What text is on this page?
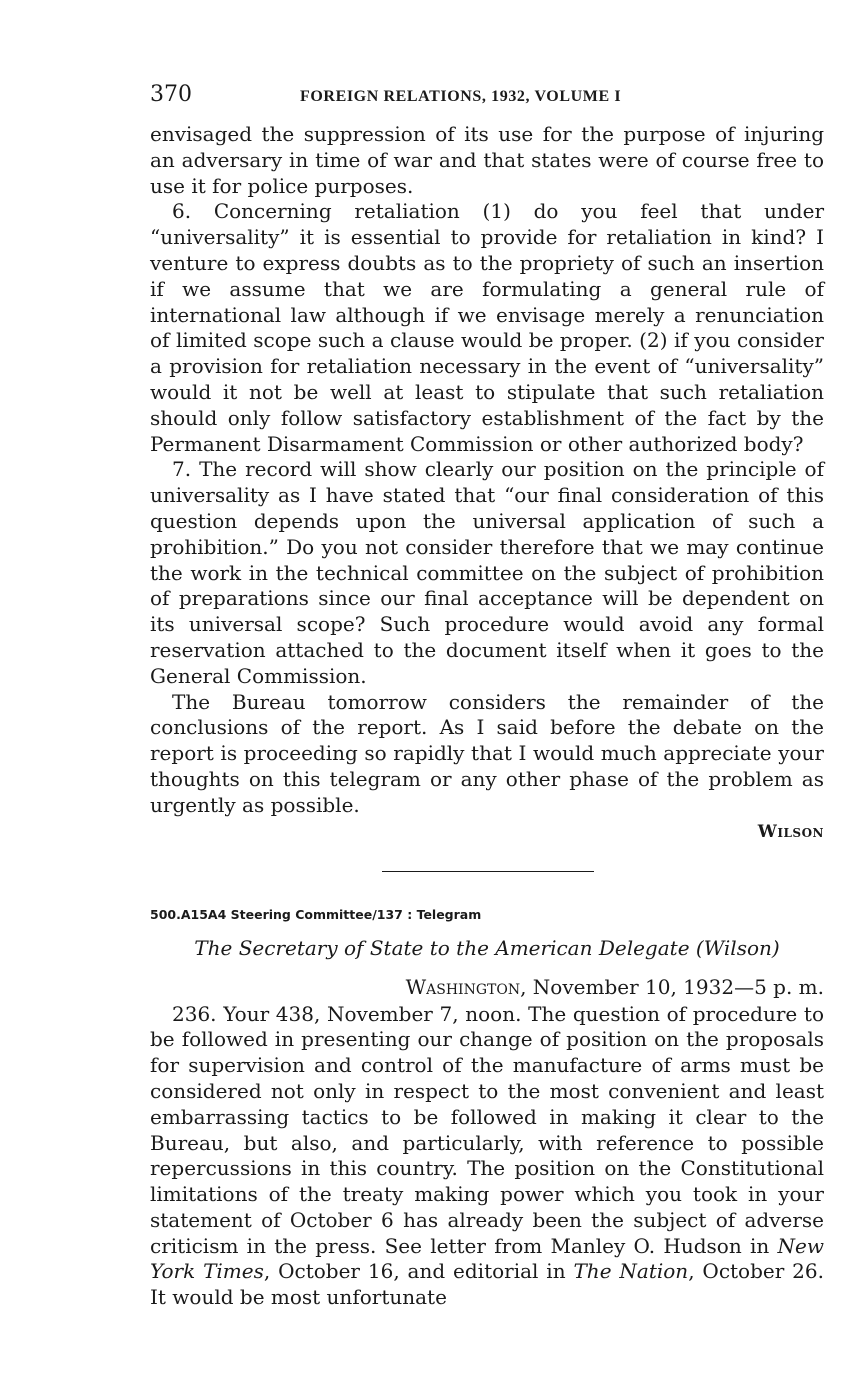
370	FOREIGN RELATIONS, 1932, VOLUME I

envisaged the suppression of its use for the purpose of injuring an adversary in time of war and that states were of course free to use it for police purposes.

6. Concerning retaliation (1) do you feel that under “universality” it is essential to provide for retaliation in kind? I venture to express doubts as to the propriety of such an insertion if we assume that we are formulating a general rule of international law although if we envisage merely a renunciation of limited scope such a clause would be proper. (2) if you consider a provision for retaliation necessary in the event of “universality” would it not be well at least to stipulate that such retaliation should only follow satisfactory establishment of the fact by the Permanent Disarmament Commission or other authorized body?

7. The record will show clearly our position on the principle of universality as I have stated that “our final consideration of this question depends upon the universal application of such a prohibition.” Do you not consider therefore that we may continue the work in the technical committee on the subject of prohibition of preparations since our final acceptance will be dependent on its universal scope? Such procedure would avoid any formal reservation attached to the document itself when it goes to the General Commission.

The Bureau tomorrow considers the remainder of the conclusions of the report. As I said before the debate on the report is proceeding so rapidly that I would much appreciate your thoughts on this telegram or any other phase of the problem as urgently as possible.

Wilson
500.A15A4 Steering Committee/137 : Telegram
The Secretary of State to the American Delegate (Wilson)
Washington, November 10, 1932—5 p. m.

236. Your 438, November 7, noon. The question of procedure to be followed in presenting our change of position on the proposals for supervision and control of the manufacture of arms must be considered not only in respect to the most convenient and least embarrassing tactics to be followed in making it clear to the Bureau, but also, and particularly, with reference to possible repercussions in this country. The position on the Constitutional limitations of the treaty making power which you took in your statement of October 6 has already been the subject of adverse criticism in the press. See letter from Manley O. Hudson in New York Times, October 16, and editorial in The Nation, October 26. It would be most unfortunate
